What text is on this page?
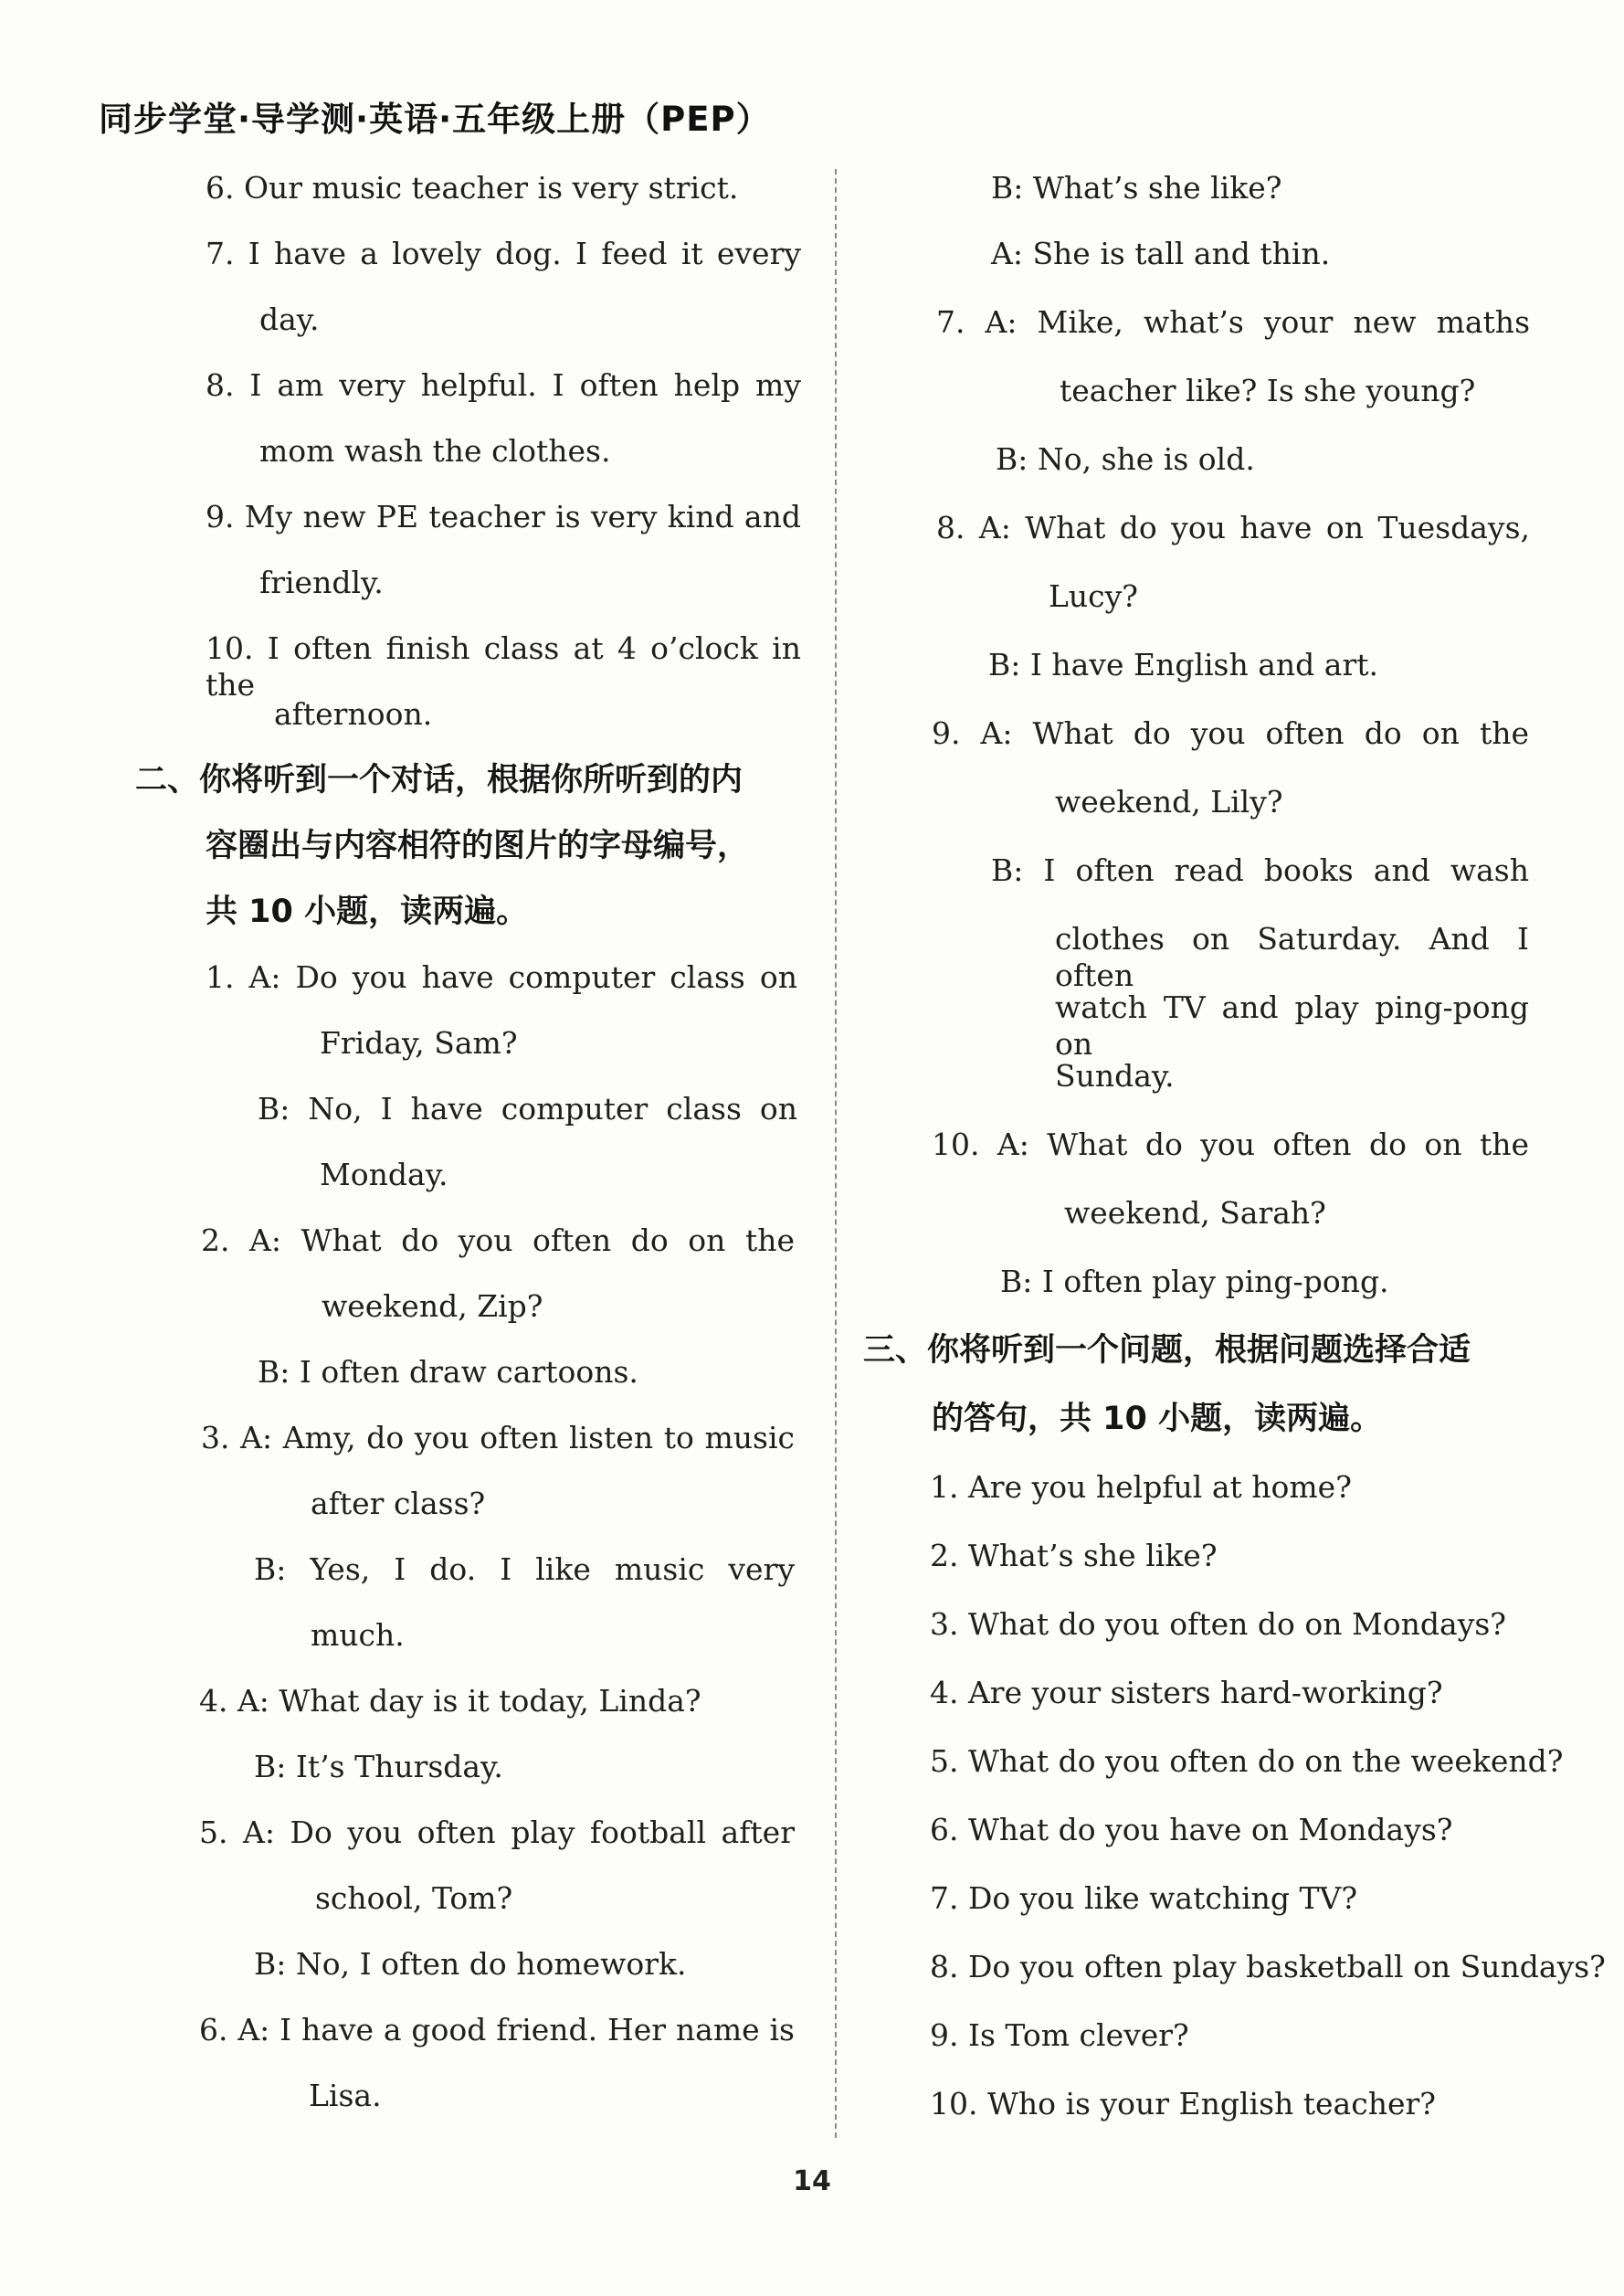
同步学堂·导学测·英语·五年级上册（PEP）
6. Our music teacher is very strict.
7. I have a lovely dog. I feed it every
day.
8. I am very helpful. I often help my
mom wash the clothes.
9. My new PE teacher is very kind and
friendly.
10. I often finish class at 4 o’clock in the
afternoon.
二、你将听到一个对话，根据你所听到的内
容圈出与内容相符的图片的字母编号，
共 10 小题，读两遍。
1. A: Do you have computer class on
Friday, Sam?
B: No, I have computer class on
Monday.
2. A: What do you often do on the
weekend, Zip?
B: I often draw cartoons.
3. A: Amy, do you often listen to music
after class?
B: Yes, I do. I like music very
much.
4. A: What day is it today, Linda?
B: It’s Thursday.
5. A: Do you often play football after
school, Tom?
B: No, I often do homework.
6. A: I have a good friend. Her name is
Lisa.
B: What’s she like?
A: She is tall and thin.
7. A: Mike, what’s your new maths
teacher like? Is she young?
B: No, she is old.
8. A: What do you have on Tuesdays,
Lucy?
B: I have English and art.
9. A: What do you often do on the
weekend, Lily?
B: I often read books and wash
clothes on Saturday. And I often
watch TV and play ping-pong on
Sunday.
10. A: What do you often do on the
weekend, Sarah?
B: I often play ping-pong.
三、你将听到一个问题，根据问题选择合适
的答句，共 10 小题，读两遍。
1. Are you helpful at home?
2. What’s she like?
3. What do you often do on Mondays?
4. Are your sisters hard-working?
5. What do you often do on the weekend?
6. What do you have on Mondays?
7. Do you like watching TV?
8. Do you often play basketball on Sundays?
9. Is Tom clever?
10. Who is your English teacher?
14
